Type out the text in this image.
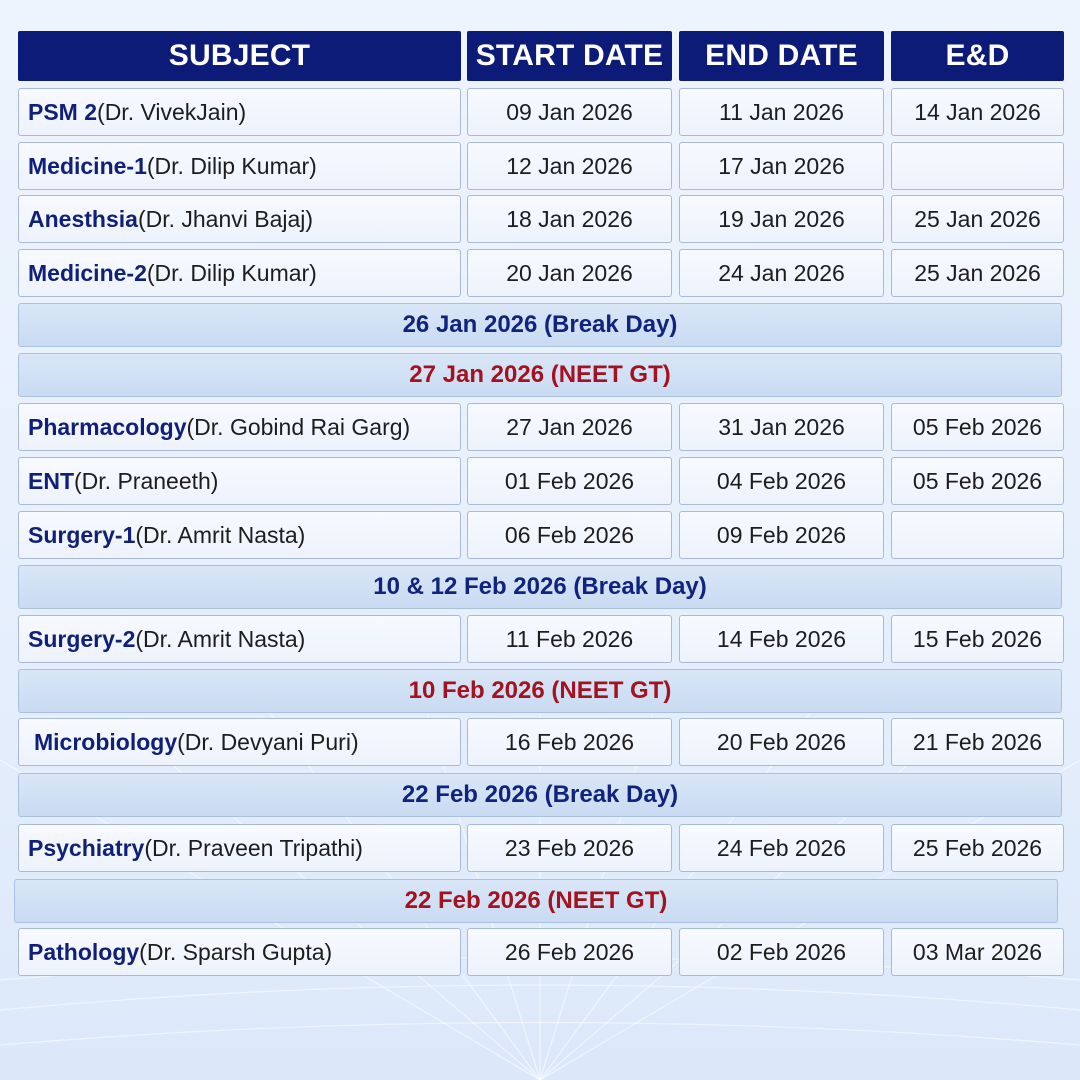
SUBJECT	START DATE	END DATE	E&D
PSM 2 (Dr. VivekJain)	09 Jan 2026	11 Jan 2026	14 Jan 2026
Medicine-1 (Dr. Dilip Kumar)	12 Jan 2026	17 Jan 2026
Anesthsia (Dr. Jhanvi Bajaj)	18 Jan 2026	19 Jan 2026	25 Jan 2026
Medicine-2 (Dr. Dilip Kumar)	20 Jan 2026	24 Jan 2026	25 Jan 2026
26 Jan 2026 (Break Day)
27 Jan 2026 (NEET GT)
Pharmacology (Dr. Gobind Rai Garg)	27 Jan 2026	31 Jan 2026	05 Feb 2026
ENT (Dr. Praneeth)	01 Feb 2026	04 Feb 2026	05 Feb 2026
Surgery-1 (Dr. Amrit Nasta)	06 Feb 2026	09 Feb 2026
10 & 12 Feb 2026 (Break Day)
Surgery-2 (Dr. Amrit Nasta)	11 Feb 2026	14 Feb 2026	15 Feb 2026
10 Feb 2026 (NEET GT)
Microbiology (Dr. Devyani Puri)	16 Feb 2026	20 Feb 2026	21 Feb 2026
22 Feb 2026 (Break Day)
Psychiatry (Dr. Praveen Tripathi)	23 Feb 2026	24 Feb 2026	25 Feb 2026
22 Feb 2026 (NEET GT)
Pathology (Dr. Sparsh Gupta)	26 Feb 2026	02 Feb 2026	03 Mar 2026
